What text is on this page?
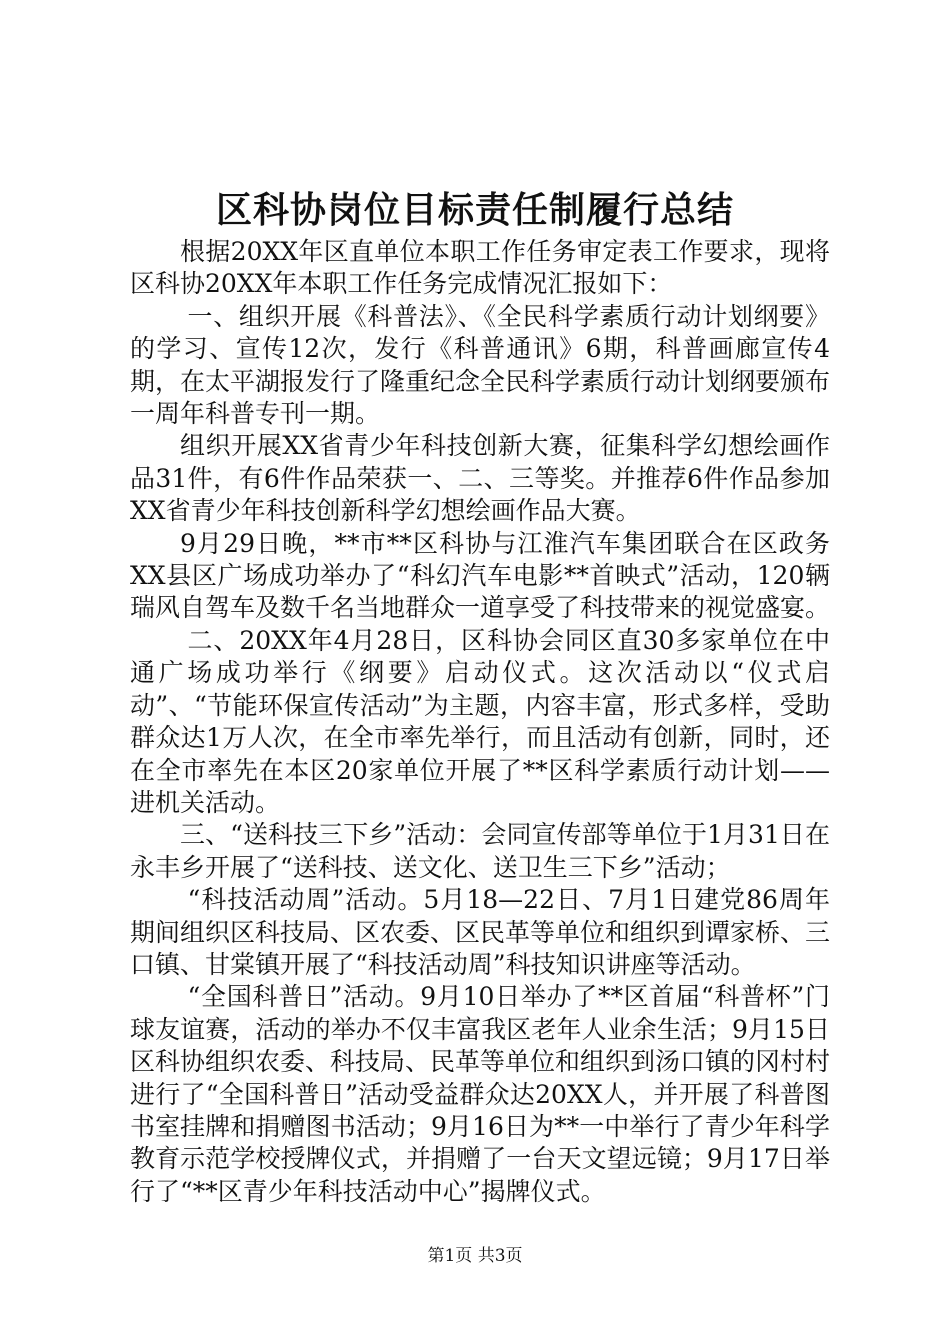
区科协岗位目标责任制履行总结

根据20XX年区直单位本职工作任务审定表工作要求，现将区科协20XX年本职工作任务完成情况汇报如下：

一、组织开展《科普法》、《全民科学素质行动计划纲要》的学习、宣传12次，发行《科普通讯》6期，科普画廊宣传4期，在太平湖报发行了隆重纪念全民科学素质行动计划纲要颁布一周年科普专刊一期。

组织开展XX省青少年科技创新大赛，征集科学幻想绘画作品31件，有6件作品荣获一、二、三等奖。并推荐6件作品参加XX省青少年科技创新科学幻想绘画作品大赛。

9月29日晚，**市**区科协与江淮汽车集团联合在区政务XX县区广场成功举办了“科幻汽车电影**首映式”活动，120辆瑞风自驾车及数千名当地群众一道享受了科技带来的视觉盛宴。

二、20XX年4月28日，区科协会同区直30多家单位在中通广场成功举行《纲要》启动仪式。这次活动以“仪式启动”、“节能环保宣传活动”为主题，内容丰富，形式多样，受助群众达1万人次，在全市率先举行，而且活动有创新，同时，还在全市率先在本区20家单位开展了**区科学素质行动计划——进机关活动。

三、“送科技三下乡”活动：会同宣传部等单位于1月31日在永丰乡开展了“送科技、送文化、送卫生三下乡”活动；

“科技活动周”活动。5月18—22日、7月1日建党86周年期间组织区科技局、区农委、区民革等单位和组织到谭家桥、三口镇、甘棠镇开展了“科技活动周”科技知识讲座等活动。

“全国科普日”活动。9月10日举办了**区首届“科普杯”门球友谊赛，活动的举办不仅丰富我区老年人业余生活；9月15日区科协组织农委、科技局、民革等单位和组织到汤口镇的冈村村进行了“全国科普日”活动受益群众达20XX人，并开展了科普图书室挂牌和捐赠图书活动；9月16日为**一中举行了青少年科学教育示范学校授牌仪式，并捐赠了一台天文望远镜；9月17日举行了“**区青少年科技活动中心”揭牌仪式。

第1页 共3页
